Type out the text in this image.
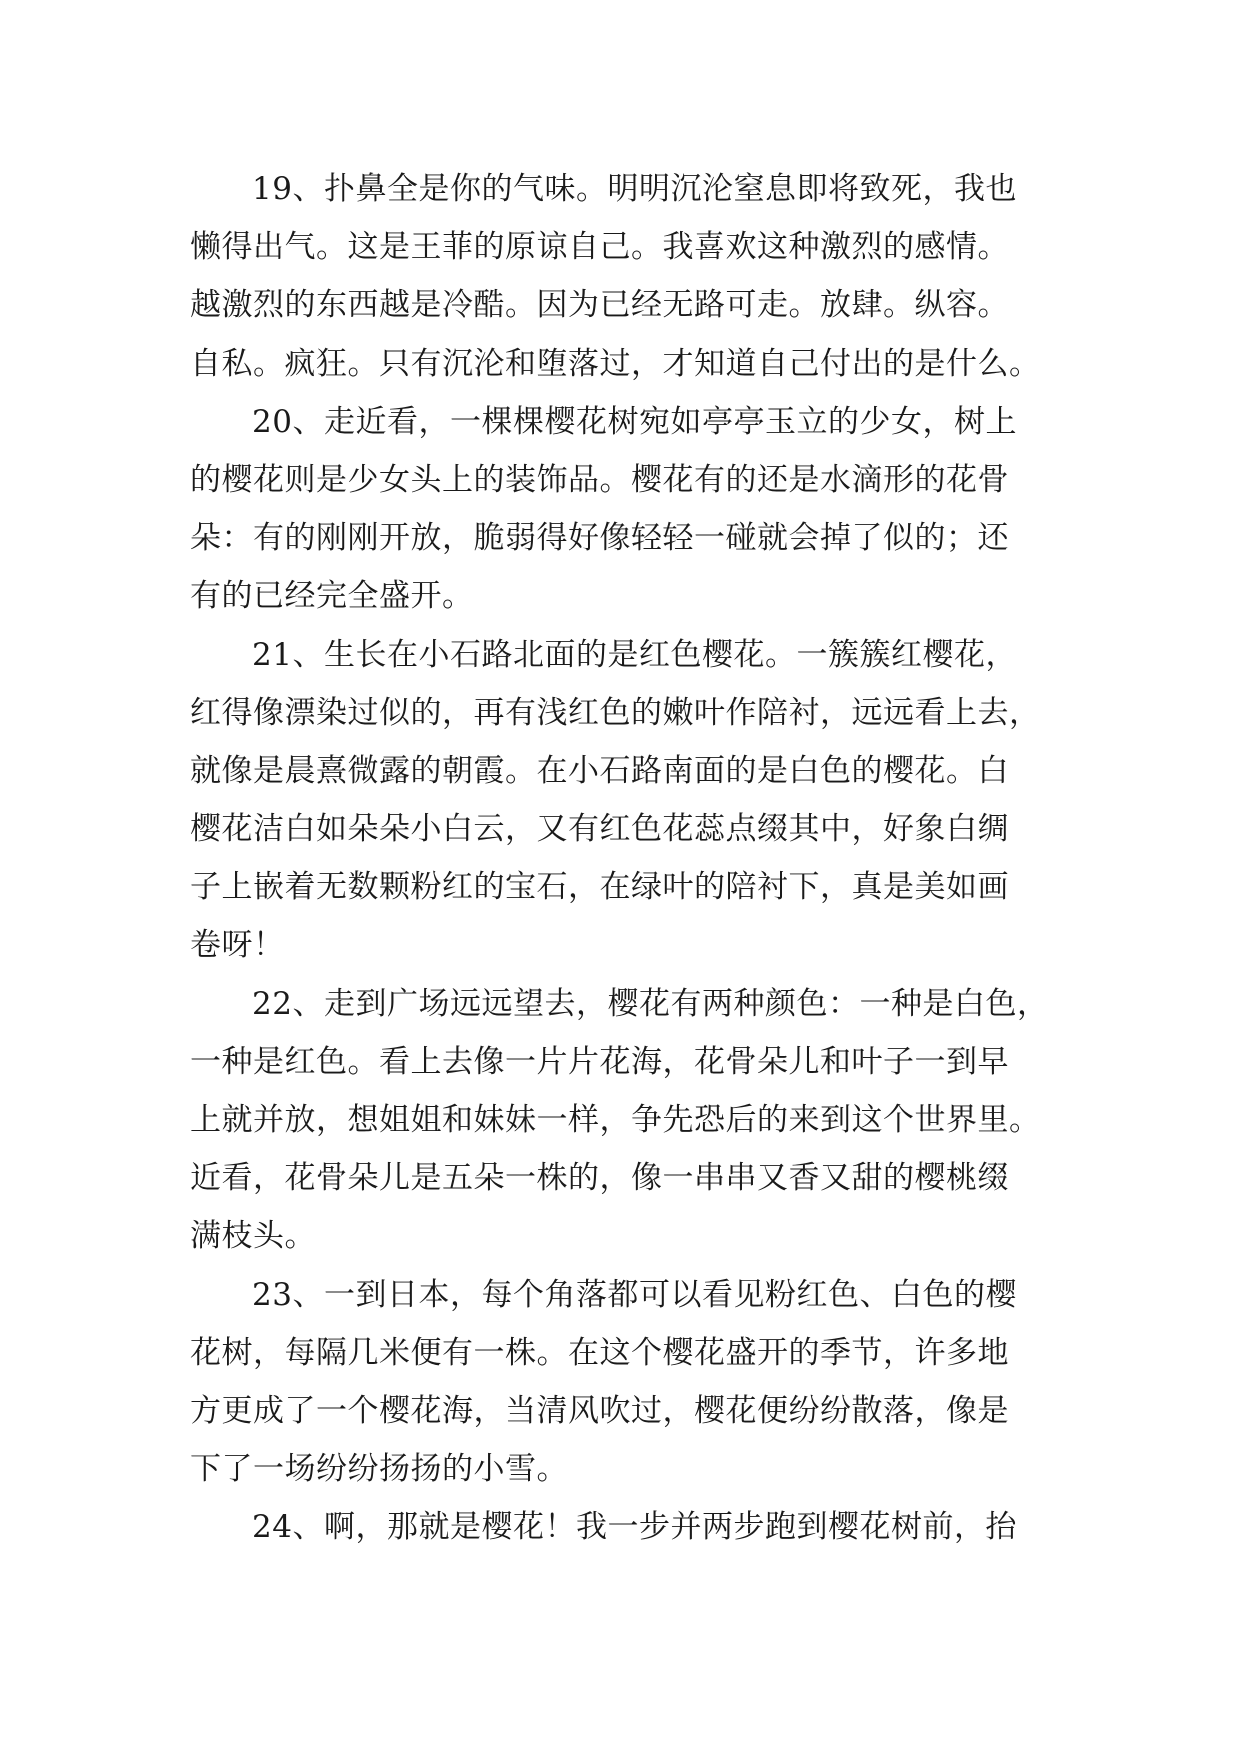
19、扑鼻全是你的气味。明明沉沦窒息即将致死，我也
懒得出气。这是王菲的原谅自己。我喜欢这种激烈的感情。
越激烈的东西越是冷酷。因为已经无路可走。放肆。纵容。
自私。疯狂。只有沉沦和堕落过，才知道自己付出的是什么。
20、走近看，一棵棵樱花树宛如亭亭玉立的少女，树上
的樱花则是少女头上的装饰品。樱花有的还是水滴形的花骨
朵：有的刚刚开放，脆弱得好像轻轻一碰就会掉了似的；还
有的已经完全盛开。
21、生长在小石路北面的是红色樱花。一簇簇红樱花，
红得像漂染过似的，再有浅红色的嫩叶作陪衬，远远看上去，
就像是晨熹微露的朝霞。在小石路南面的是白色的樱花。白
樱花洁白如朵朵小白云，又有红色花蕊点缀其中，好象白绸
子上嵌着无数颗粉红的宝石，在绿叶的陪衬下，真是美如画
卷呀！
22、走到广场远远望去，樱花有两种颜色：一种是白色，
一种是红色。看上去像一片片花海，花骨朵儿和叶子一到早
上就并放，想姐姐和妹妹一样，争先恐后的来到这个世界里。
近看，花骨朵儿是五朵一株的，像一串串又香又甜的樱桃缀
满枝头。
23、一到日本，每个角落都可以看见粉红色、白色的樱
花树，每隔几米便有一株。在这个樱花盛开的季节，许多地
方更成了一个樱花海，当清风吹过，樱花便纷纷散落，像是
下了一场纷纷扬扬的小雪。
24、啊，那就是樱花！我一步并两步跑到樱花树前，抬
